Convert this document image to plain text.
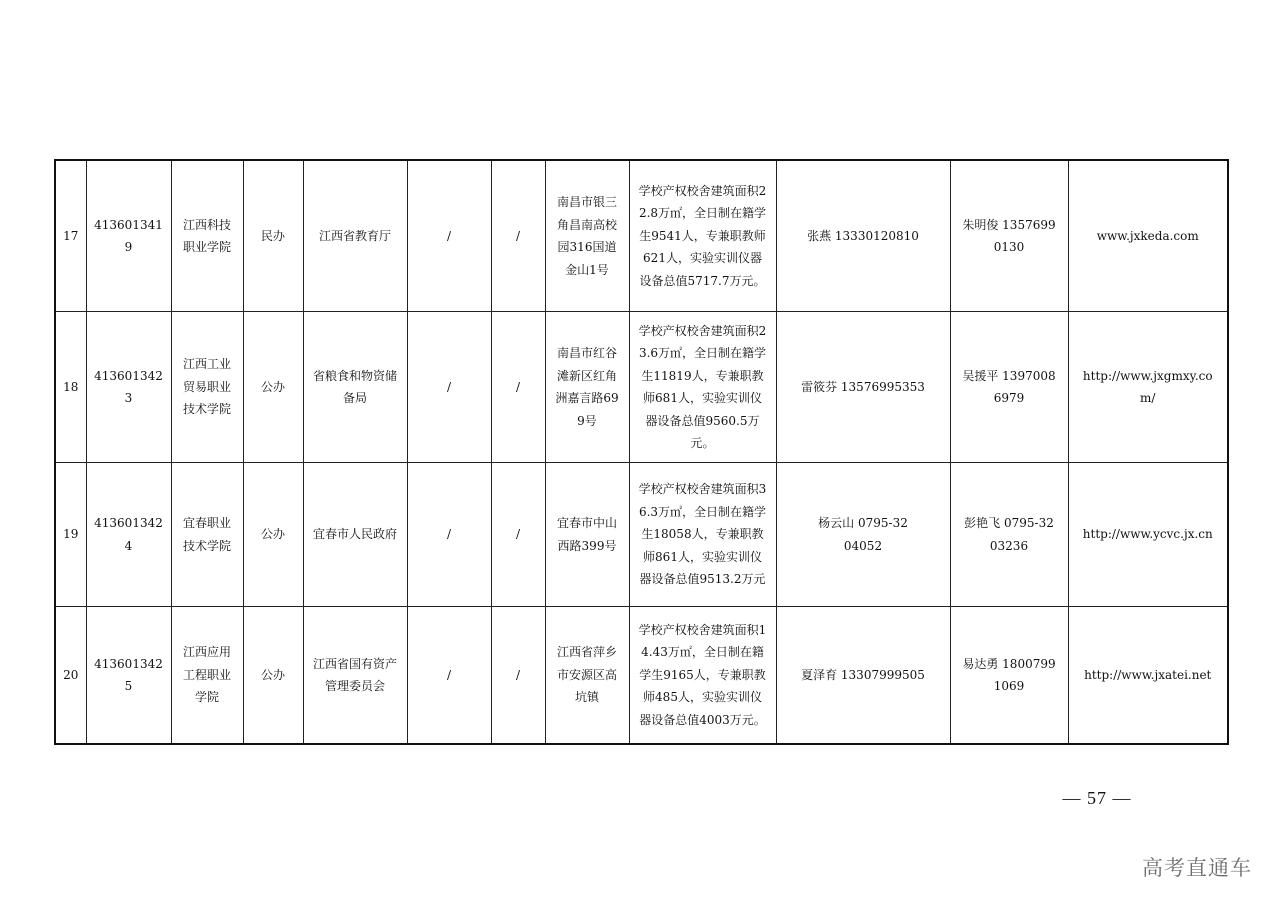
17	4136013419	江西科技职业学院	民办	江西省教育厅	/	/	南昌市银三角昌南高校园316国道金山1号	学校产权校舍建筑面积22.8万㎡，全日制在籍学生9541人，专兼职教师621人，实验实训仪器设备总值5717.7万元。	张燕 13330120810	朱明俊 13576990130	www.jxkeda.com

18	4136013423	江西工业贸易职业技术学院	公办	省粮食和物资储备局	/	/	南昌市红谷滩新区红角洲嘉言路699号	学校产权校舍建筑面积23.6万㎡，全日制在籍学生11819人，专兼职教师681人，实验实训仪器设备总值9560.5万元。	雷筱芬 13576995353	吴援平 13970086979	http://www.jxgmxy.com/

19	4136013424	宜春职业技术学院	公办	宜春市人民政府	/	/	宜春市中山西路399号	学校产权校舍建筑面积36.3万㎡，全日制在籍学生18058人，专兼职教师861人，实验实训仪器设备总值9513.2万元	杨云山 0795-3204052	彭艳飞 0795-3203236	http://www.ycvc.jx.cn

20	4136013425	江西应用工程职业学院	公办	江西省国有资产管理委员会	/	/	江西省萍乡市安源区高坑镇	学校产权校舍建筑面积14.43万㎡，全日制在籍学生9165人，专兼职教师485人，实验实训仪器设备总值4003万元。	夏泽育 13307999505	易达勇 18007991069	http://www.jxatei.net
— 57 —
高考直通车
